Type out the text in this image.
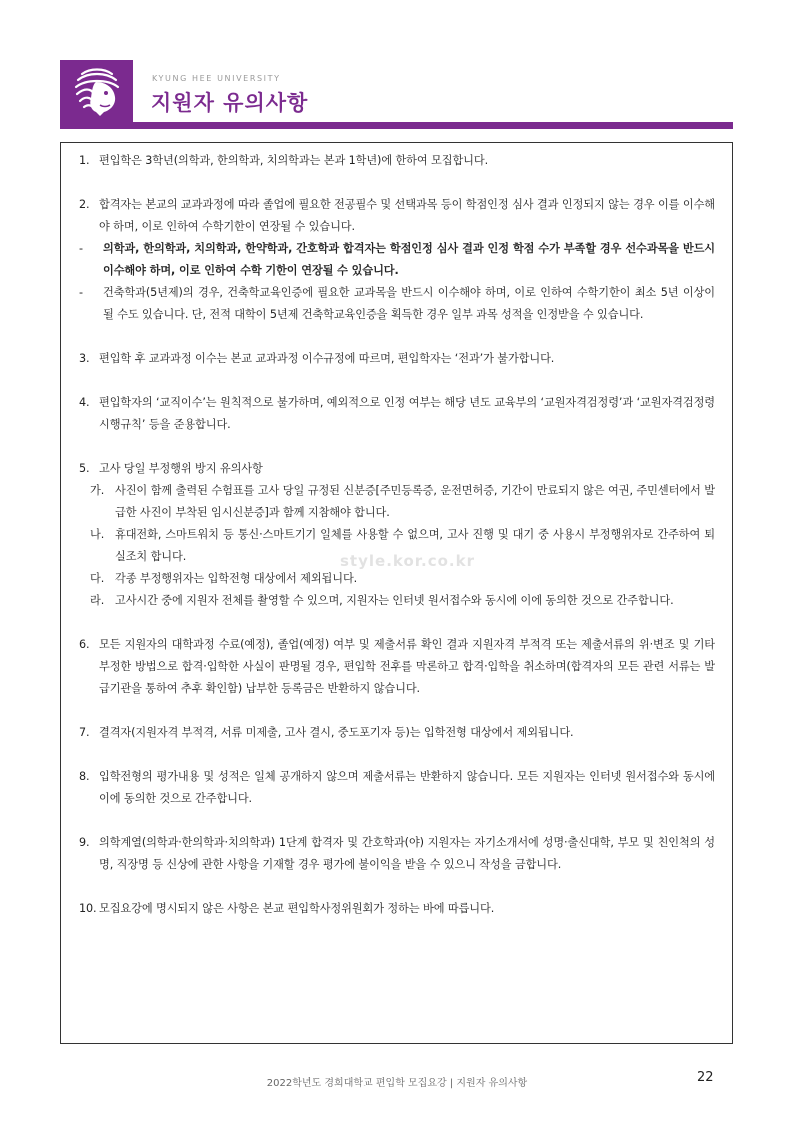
KYUNG HEE UNIVERSITY
지원자 유의사항
1. 편입학은 3학년(의학과, 한의학과, 치의학과는 본과 1학년)에 한하여 모집합니다.
2. 합격자는 본교의 교과과정에 따라 졸업에 필요한 전공필수 및 선택과목 등이 학점인정 심사 결과 인정되지 않는 경우 이를 이수해야 하며, 이로 인하여 수학기한이 연장될 수 있습니다.
- 의학과, 한의학과, 치의학과, 한약학과, 간호학과 합격자는 학점인정 심사 결과 인정 학점 수가 부족할 경우 선수과목을 반드시 이수해야 하며, 이로 인하여 수학 기한이 연장될 수 있습니다.
- 건축학과(5년제)의 경우, 건축학교육인증에 필요한 교과목을 반드시 이수해야 하며, 이로 인하여 수학기한이 최소 5년 이상이 될 수도 있습니다. 단, 전적 대학이 5년제 건축학교육인증을 획득한 경우 일부 과목 성적을 인정받을 수 있습니다.
3. 편입학 후 교과과정 이수는 본교 교과과정 이수규정에 따르며, 편입학자는 ‘전과’가 불가합니다.
4. 편입학자의 ‘교직이수’는 원칙적으로 불가하며, 예외적으로 인정 여부는 해당 년도 교육부의 ‘교원자격검정령’과 ‘교원자격검정령 시행규칙’ 등을 준용합니다.
5. 고사 당일 부정행위 방지 유의사항
가. 사진이 함께 출력된 수험표를 고사 당일 규정된 신분증[주민등록증, 운전면허증, 기간이 만료되지 않은 여권, 주민센터에서 발급한 사진이 부착된 임시신분증]과 함께 지참해야 합니다.
나. 휴대전화, 스마트워치 등 통신·스마트기기 일체를 사용할 수 없으며, 고사 진행 및 대기 중 사용시 부정행위자로 간주하여 퇴실조치 합니다.
다. 각종 부정행위자는 입학전형 대상에서 제외됩니다.
라. 고사시간 중에 지원자 전체를 촬영할 수 있으며, 지원자는 인터넷 원서접수와 동시에 이에 동의한 것으로 간주합니다.
6. 모든 지원자의 대학과정 수료(예정), 졸업(예정) 여부 및 제출서류 확인 결과 지원자격 부적격 또는 제출서류의 위·변조 및 기타 부정한 방법으로 합격·입학한 사실이 판명될 경우, 편입학 전후를 막론하고 합격·입학을 취소하며(합격자의 모든 관련 서류는 발급기관을 통하여 추후 확인함) 납부한 등록금은 반환하지 않습니다.
7. 결격자(지원자격 부적격, 서류 미제출, 고사 결시, 중도포기자 등)는 입학전형 대상에서 제외됩니다.
8. 입학전형의 평가내용 및 성적은 일체 공개하지 않으며 제출서류는 반환하지 않습니다. 모든 지원자는 인터넷 원서접수와 동시에 이에 동의한 것으로 간주합니다.
9. 의학계열(의학과·한의학과·치의학과) 1단계 합격자 및 간호학과(야) 지원자는 자기소개서에 성명·출신대학, 부모 및 친인척의 성명, 직장명 등 신상에 관한 사항을 기재할 경우 평가에 불이익을 받을 수 있으니 작성을 금합니다.
10. 모집요강에 명시되지 않은 사항은 본교 편입학사정위원회가 정하는 바에 따릅니다.
style.kor.co.kr
2022학년도 경희대학교 편입학 모집요강 | 지원자 유의사항	22
